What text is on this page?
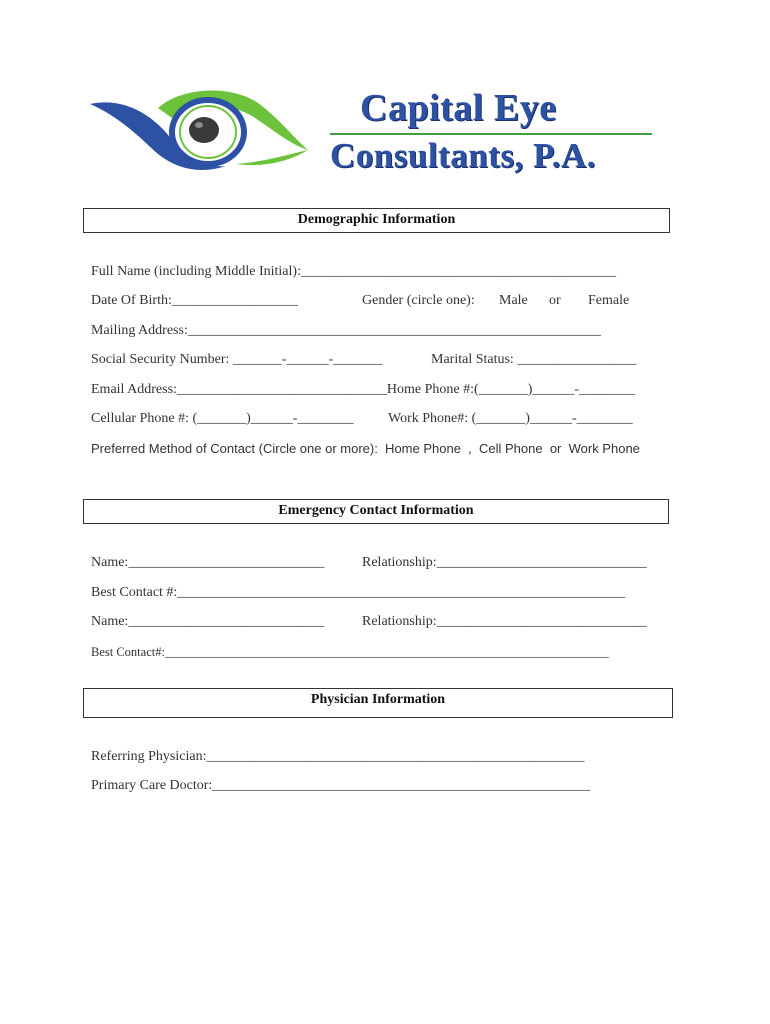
Capital Eye
Consultants, P.A.
Demographic Information
Full Name (including Middle Initial):_____________________________________________
Date Of Birth:__________________	Gender (circle one): Male or Female
Mailing Address:___________________________________________________________
Social Security Number: _______-______-_______	Marital Status: _________________
Email Address:______________________________Home Phone #:(_______)______-________
Cellular Phone #: (_______)______-________ Work Phone#: (_______)______-________
Preferred Method of Contact (Circle one or more):  Home Phone  ,  Cell Phone  or  Work Phone
Emergency Contact Information
Name:____________________________	Relationship:______________________________
Best Contact #:________________________________________________________________
Name:____________________________	Relationship:______________________________
Best Contact#:_______________________________________________________________________
Physician Information
Referring Physician:______________________________________________________
Primary Care Doctor:______________________________________________________
